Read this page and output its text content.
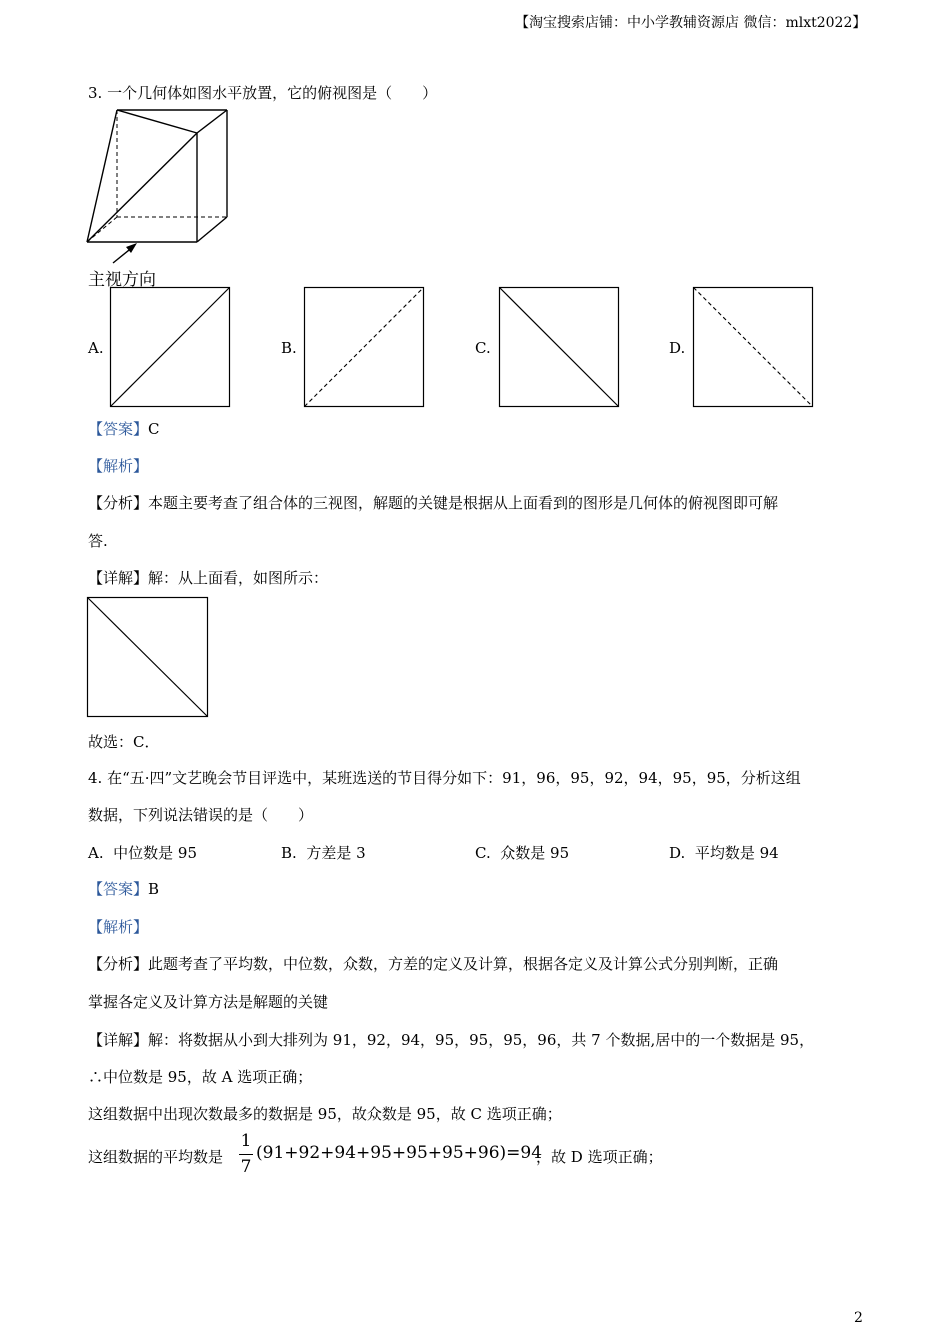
【淘宝搜索店铺：中小学教辅资源店 微信：mlxt2022】
3. 一个几何体如图水平放置，它的俯视图是（　　）
主视方向
A.	B.	C.	D.
【答案】C
【解析】
【分析】本题主要考查了组合体的三视图，解题的关键是根据从上面看到的图形是几何体的俯视图即可解
答.
【详解】解：从上面看，如图所示：
故选：C．
4. 在“五·四”文艺晚会节目评选中，某班选送的节目得分如下：91，96，95，92，94，95，95，分析这组
数据，下列说法错误的是（　　）
A. 中位数是 95	B. 方差是 3	C. 众数是 95	D. 平均数是 94
【答案】B
【解析】
【分析】此题考查了平均数，中位数，众数，方差的定义及计算，根据各定义及计算公式分别判断，正确
掌握各定义及计算方法是解题的关键
【详解】解：将数据从小到大排列为 91，92，94，95，95，95，96，共 7 个数据,居中的一个数据是 95，
∴中位数是 95，故 A 选项正确；
这组数据中出现次数最多的数据是 95，故众数是 95，故 C 选项正确；
这组数据的平均数是
1
7
(91+92+94+95+95+95+96)=94
，故 D 选项正确；
2
